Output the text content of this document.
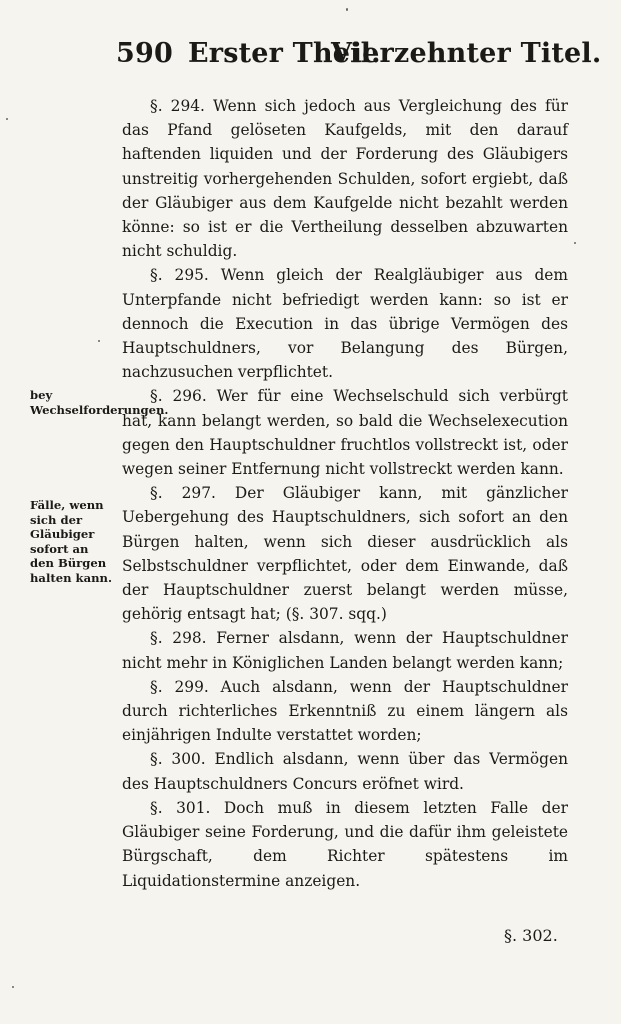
590 Erster Theil.
Vierzehnter Titel.
bey Wechselforderungen.
Fälle, wenn sich der Gläubiger sofort an den Bürgen halten kann.

§. 294. Wenn sich jedoch aus Vergleichung des für das Pfand gelöseten Kaufgelds, mit den darauf haftenden liquiden und der Forderung des Gläubigers unstreitig vorhergehenden Schulden, sofort ergiebt, daß der Gläubiger aus dem Kaufgelde nicht bezahlt werden könne: so ist er die Vertheilung desselben abzuwarten nicht schuldig.

§. 295. Wenn gleich der Realgläubiger aus dem Unterpfande nicht befriedigt werden kann: so ist er dennoch die Execution in das übrige Vermögen des Hauptschuldners, vor Belangung des Bürgen, nachzusuchen verpflichtet.

§. 296. Wer für eine Wechselschuld sich verbürgt hat, kann belangt werden, so bald die Wechselexecution gegen den Hauptschuldner fruchtlos vollstreckt ist, oder wegen seiner Entfernung nicht vollstreckt werden kann.

§. 297. Der Gläubiger kann, mit gänzlicher Uebergehung des Hauptschuldners, sich sofort an den Bürgen halten, wenn sich dieser ausdrücklich als Selbstschuldner verpflichtet, oder dem Einwande, daß der Hauptschuldner zuerst belangt werden müsse, gehörig entsagt hat; (§. 307. sqq.)

§. 298. Ferner alsdann, wenn der Hauptschuldner nicht mehr in Königlichen Landen belangt werden kann;

§. 299. Auch alsdann, wenn der Hauptschuldner durch richterliches Erkenntniß zu einem längern als einjährigen Indulte verstattet worden;

§. 300. Endlich alsdann, wenn über das Vermögen des Hauptschuldners Concurs eröfnet wird.

§. 301. Doch muß in diesem letzten Falle der Gläubiger seine Forderung, und die dafür ihm geleistete Bürgschaft, dem Richter spätestens im Liquidationstermine anzeigen.

§. 302.
